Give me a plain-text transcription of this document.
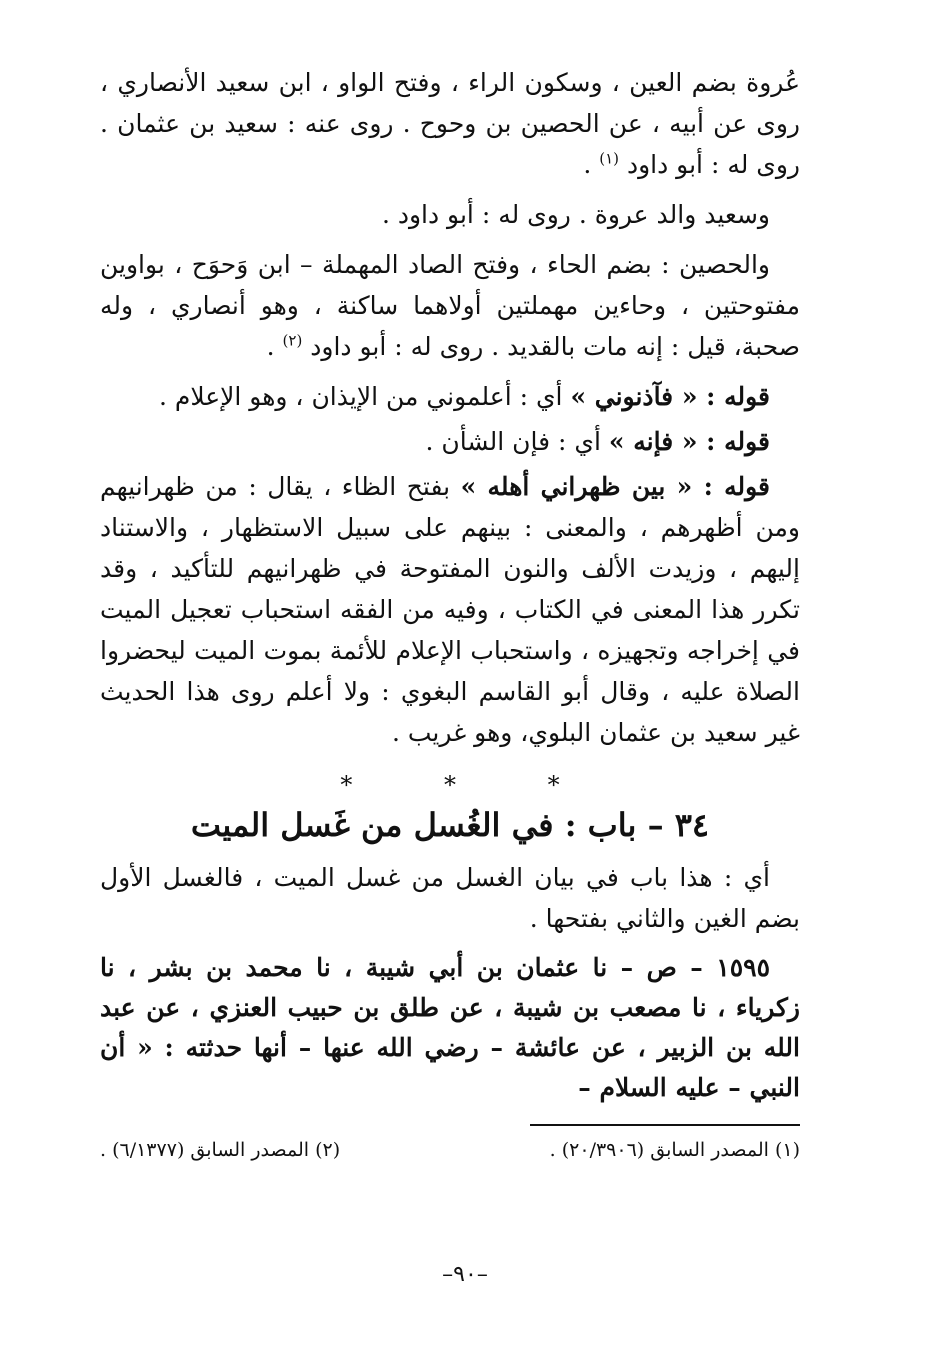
عُروة بضم العين ، وسكون الراء ، وفتح الواو ، ابن سعيد الأنصاري ، روى عن أبيه ، عن الحصين بن وحوح . روى عنه : سعيد بن عثمان . روى له : أبو داود $^{(١)}$ .

وسعيد والد عروة . روى له : أبو داود .

والحصين : بضم الحاء ، وفتح الصاد المهملة – ابن وَحوَح ، بواوين مفتوحتين ، وحاءين مهملتين أولاهما ساكنة ، وهو أنصاري ، وله صحبة، قيل : إنه مات بالقديد . روى له : أبو داود $^{(٢)}$ .

قوله : « فآذنوني » أي : أعلموني من الإيذان ، وهو الإعلام .

قوله : « فإنه » أي : فإن الشأن .

قوله : « بين ظهراني أهله » بفتح الظاء ، يقال : من ظهرانيهم ومن أظهرهم ، والمعنى : بينهم على سبيل الاستظهار ، والاستناد إليهم ، وزيدت الألف والنون المفتوحة في ظهرانيهم للتأكيد ، وقد تكرر هذا المعنى في الكتاب ، وفيه من الفقه استحباب تعجيل الميت في إخراجه وتجهيزه ، واستحباب الإعلام للأئمة بموت الميت ليحضروا الصلاة عليه ، وقال أبو القاسم البغوي : ولا أعلم روى هذا الحديث غير سعيد بن عثمان البلوي، وهو غريب .

* * *
٣٤ – باب : في الغُسل من غَسل الميت

أي : هذا باب في بيان الغسل من غسل الميت ، فالغسل الأول بضم الغين والثاني بفتحها .

١٥٩٥ – ص – نا عثمان بن أبي شيبة ، نا محمد بن بشر ، نا زكرياء ، نا مصعب بن شيبة ، عن طلق بن حبيب العنزي ، عن عبد الله بن الزبير ، عن عائشة – رضي الله عنها – أنها حدثته : « أن النبي – عليه السلام –

(١) المصدر السابق (٢٠/٣٩٠٦) .
(٢) المصدر السابق (٦/١٣٧٧) .
–٩٠–
